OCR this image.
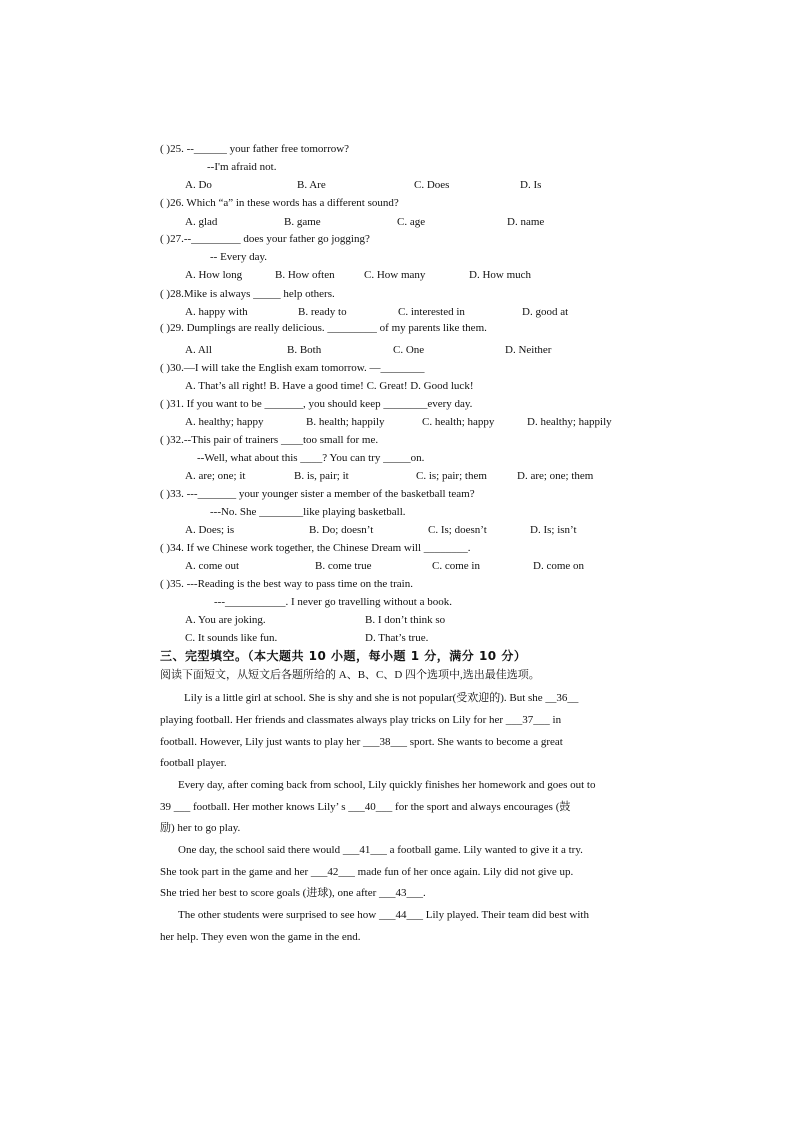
( )25. --______ your father free tomorrow?
--I'm afraid not.
A. Do	B. Are	C. Does	D. Is
( )26. Which “a” in these words has a different sound?
A. glad	B. game	C. age	D. name
( )27.--_________ does your father go jogging?
-- Every day.
A. How long	B. How often	C. How many	D. How much
( )28.Mike is always _____ help others.
A. happy with	B. ready to	C. interested in	D. good at
( )29. Dumplings are really delicious. _________ of my parents like them.
A. All	B. Both	C. One	D. Neither
( )30.—I will take the English exam tomorrow. —________
A. That’s all right! B. Have a good time! C. Great! D. Good luck!
( )31. If you want to be _______, you should keep ________every day.
A. healthy; happy	B. health; happily	C. health; happy	D. healthy; happily
( )32.--This pair of trainers ____too small for me.
--Well, what about this ____? You can try _____on.
A. are; one; it	B. is, pair; it	C. is; pair; them	D. are; one; them
( )33. ---_______ your younger sister a member of the basketball team?
---No. She ________like playing basketball.
A. Does; is	B. Do; doesn’t	C. Is; doesn’t	D. Is; isn’t
( )34. If we Chinese work together, the Chinese Dream will ________.
A. come out	B. come true	C. come in	D. come on
( )35. ---Reading is the best way to pass time on the train.
---___________. I never go travelling without a book.
A. You are joking.	B. I don’t think so
C. It sounds like fun.	D. That’s true.
三、完型填空。（本大题共 10 小题，每小题 1 分，满分 10 分）
阅读下面短文，从短文后各题所给的 A、B、C、D 四个选项中,选出最佳选项。
Lily is a little girl at school. She is shy and she is not popular(受欢迎的). But she __36__
playing football. Her friends and classmates always play tricks on Lily for her ___37___ in
football. However, Lily just wants to play her ___38___ sport. She wants to become a great
football player.
Every day, after coming back from school, Lily quickly finishes her homework and goes out to
39 ___ football. Her mother knows Lily’ s ___40___ for the sport and always encourages (鼓
励) her to go play.
One day, the school said there would ___41___ a football game. Lily wanted to give it a try.
She took part in the game and her ___42___ made fun of her once again. Lily did not give up.
She tried her best to score goals (进球), one after ___43___.
The other students were surprised to see how ___44___ Lily played. Their team did best with
her help. They even won the game in the end.
